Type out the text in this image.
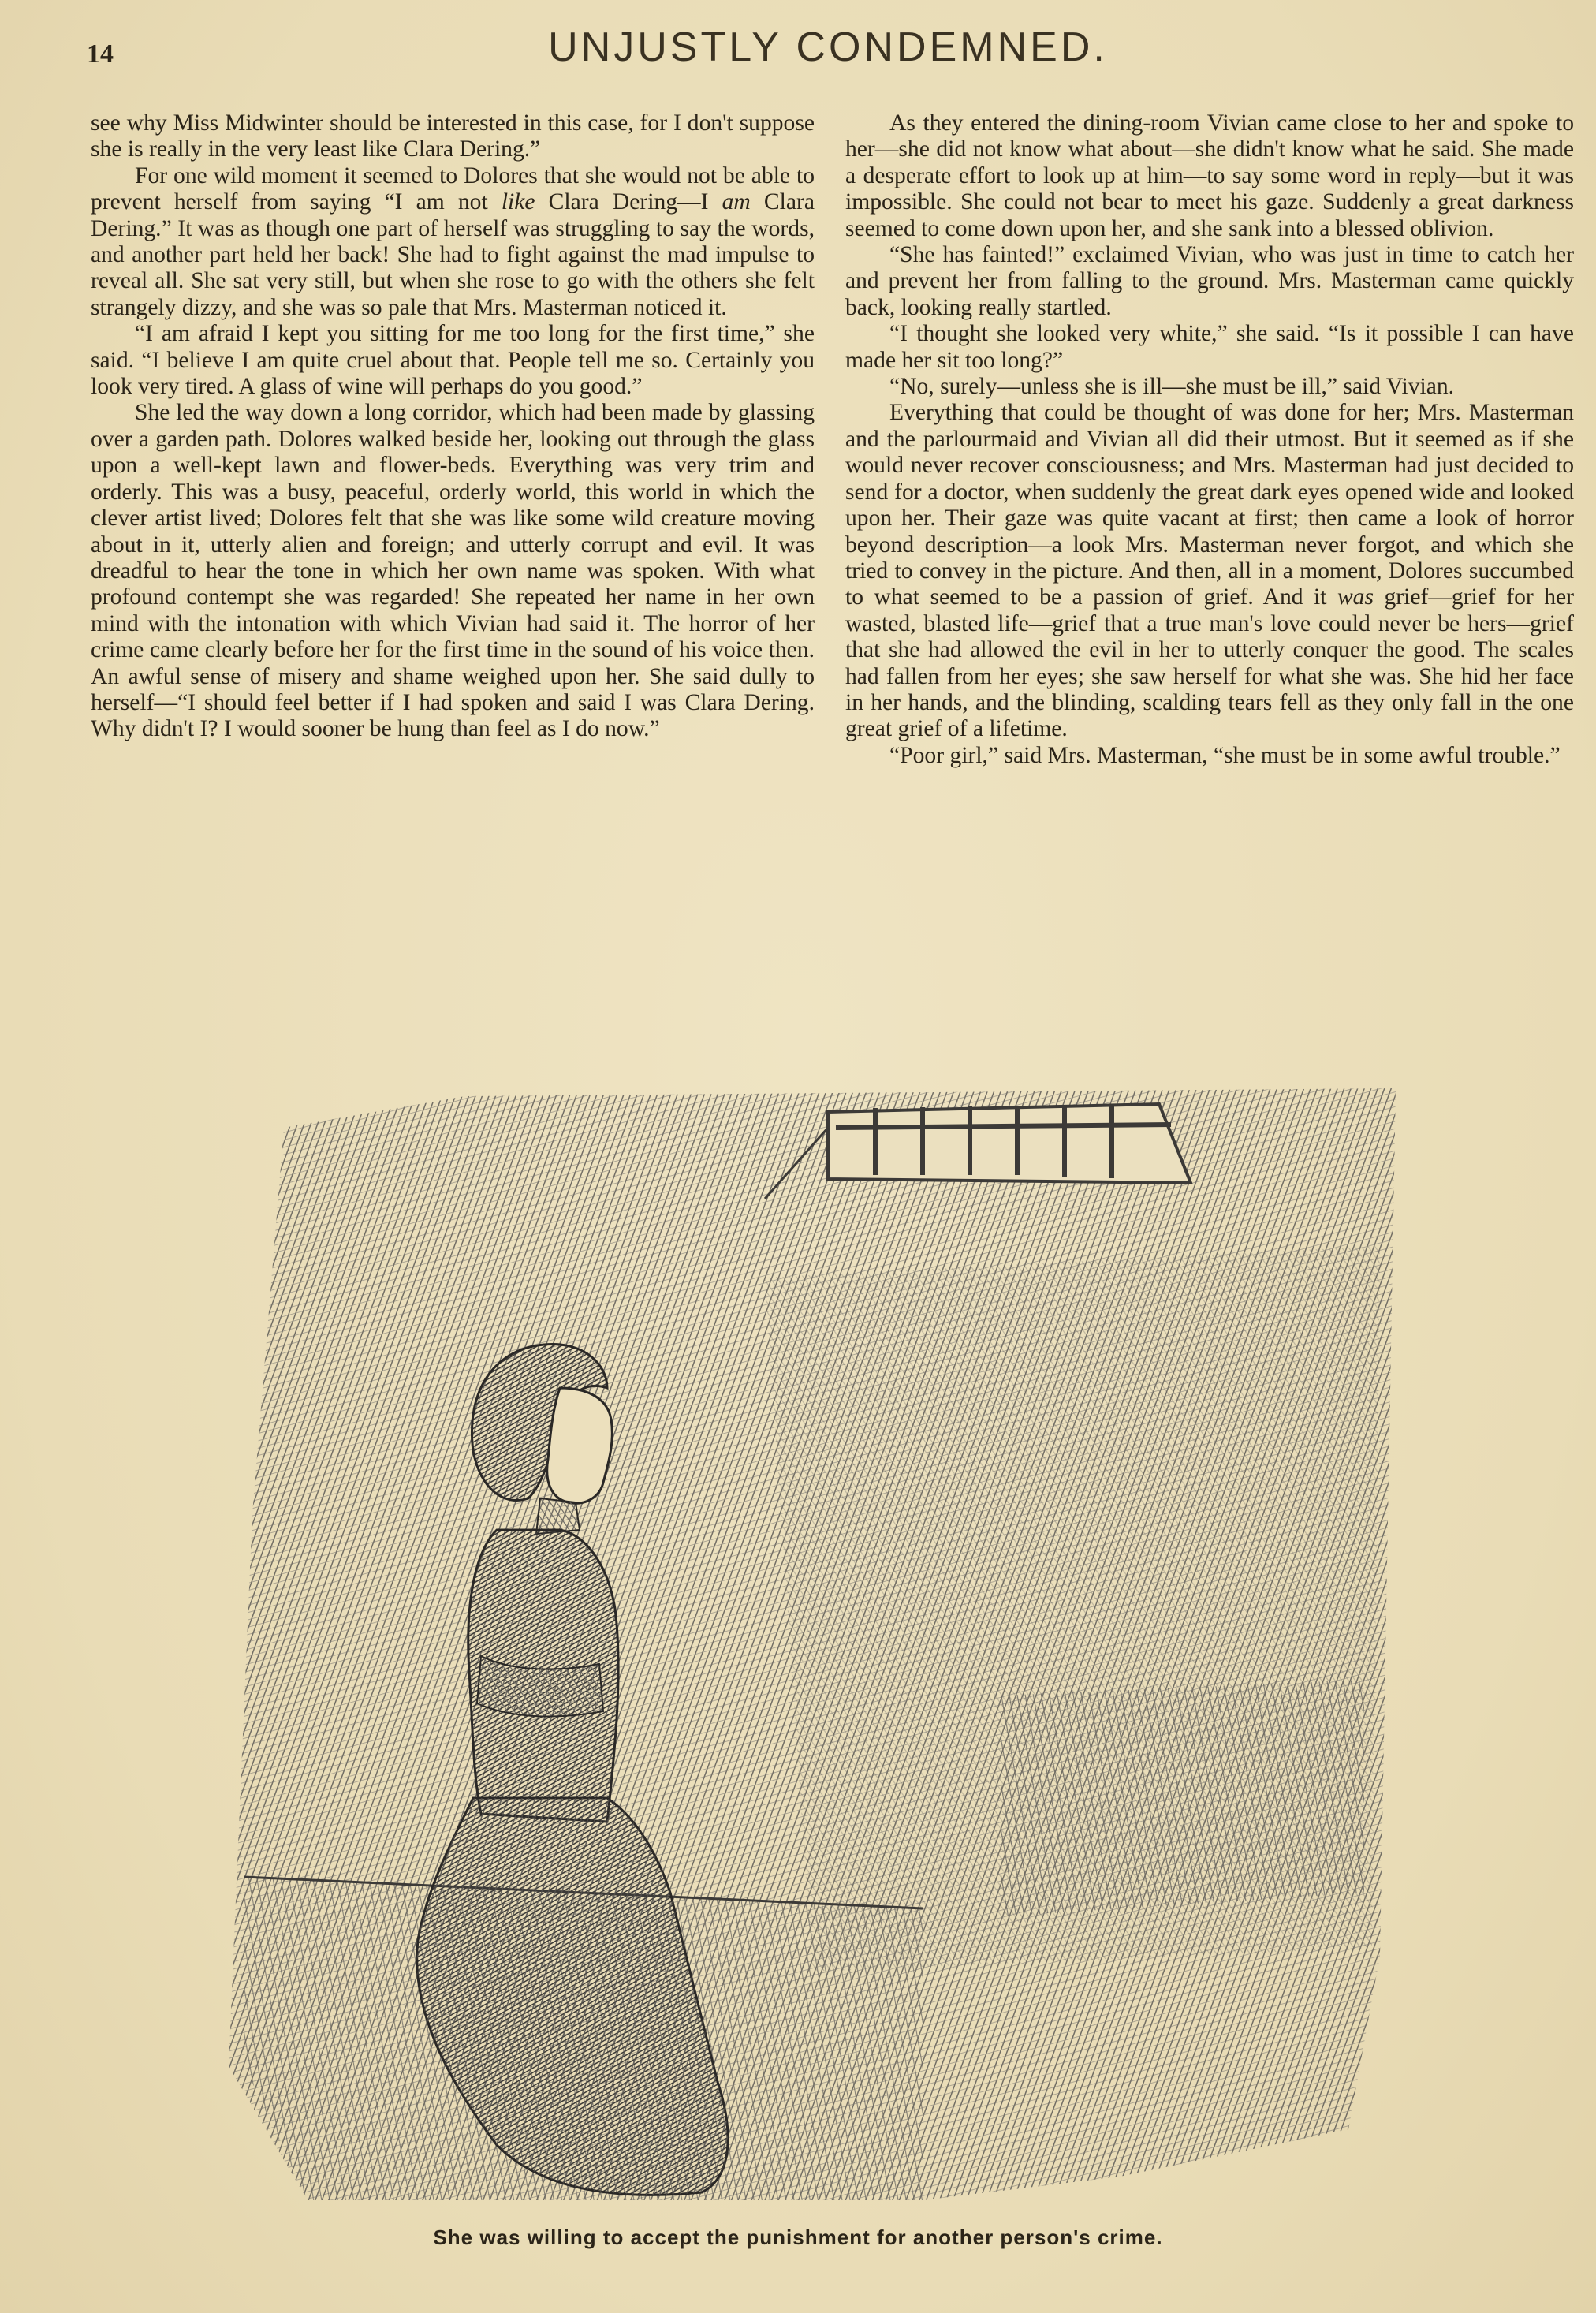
14	UNJUSTLY CONDEMNED.

see why Miss Midwinter should be interested in this case, for I don't suppose she is really in the very least like Clara Dering.”

For one wild moment it seemed to Dolores that she would not be able to prevent herself from saying “I am not like Clara Dering—I am Clara Dering.” It was as though one part of herself was struggling to say the words, and another part held her back! She had to fight against the mad impulse to reveal all. She sat very still, but when she rose to go with the others she felt strangely dizzy, and she was so pale that Mrs. Masterman noticed it.

“I am afraid I kept you sitting for me too long for the first time,” she said. “I believe I am quite cruel about that. People tell me so. Certainly you look very tired. A glass of wine will perhaps do you good.”

She led the way down a long corridor, which had been made by glassing over a garden path. Dolores walked beside her, looking out through the glass upon a well-kept lawn and flower-beds. Everything was very trim and orderly. This was a busy, peaceful, orderly world, this world in which the clever artist lived; Dolores felt that she was like some wild creature moving about in it, utterly alien and foreign; and utterly corrupt and evil. It was dreadful to hear the tone in which her own name was spoken. With what profound contempt she was regarded! She repeated her name in her own mind with the intonation with which Vivian had said it. The horror of her crime came clearly before her for the first time in the sound of his voice then. An awful sense of misery and shame weighed upon her. She said dully to herself—“I should feel better if I had spoken and said I was Clara Dering. Why didn't I? I would sooner be hung than feel as I do now.”

As they entered the dining-room Vivian came close to her and spoke to her—she did not know what about—she didn't know what he said. She made a desperate effort to look up at him—to say some word in reply—but it was impossible. She could not bear to meet his gaze. Suddenly a great darkness seemed to come down upon her, and she sank into a blessed oblivion.

“She has fainted!” exclaimed Vivian, who was just in time to catch her and prevent her from falling to the ground. Mrs. Masterman came quickly back, looking really startled.

“I thought she looked very white,” she said. “Is it possible I can have made her sit too long?”

“No, surely—unless she is ill—she must be ill,” said Vivian.

Everything that could be thought of was done for her; Mrs. Masterman and the parlourmaid and Vivian all did their utmost. But it seemed as if she would never recover consciousness; and Mrs. Masterman had just decided to send for a doctor, when suddenly the great dark eyes opened wide and looked upon her. Their gaze was quite vacant at first; then came a look of horror beyond description—a look Mrs. Masterman never forgot, and which she tried to convey in the picture. And then, all in a moment, Dolores succumbed to what seemed to be a passion of grief. And it was grief—grief for her wasted, blasted life—grief that a true man's love could never be hers—grief that she had allowed the evil in her to utterly conquer the good. The scales had fallen from her eyes; she saw herself for what she was. She hid her face in her hands, and the blinding, scalding tears fell as they only fall in the one great grief of a lifetime.

“Poor girl,” said Mrs. Masterman, “she must be in some awful trouble.”

She was willing to accept the punishment for another person's crime.
